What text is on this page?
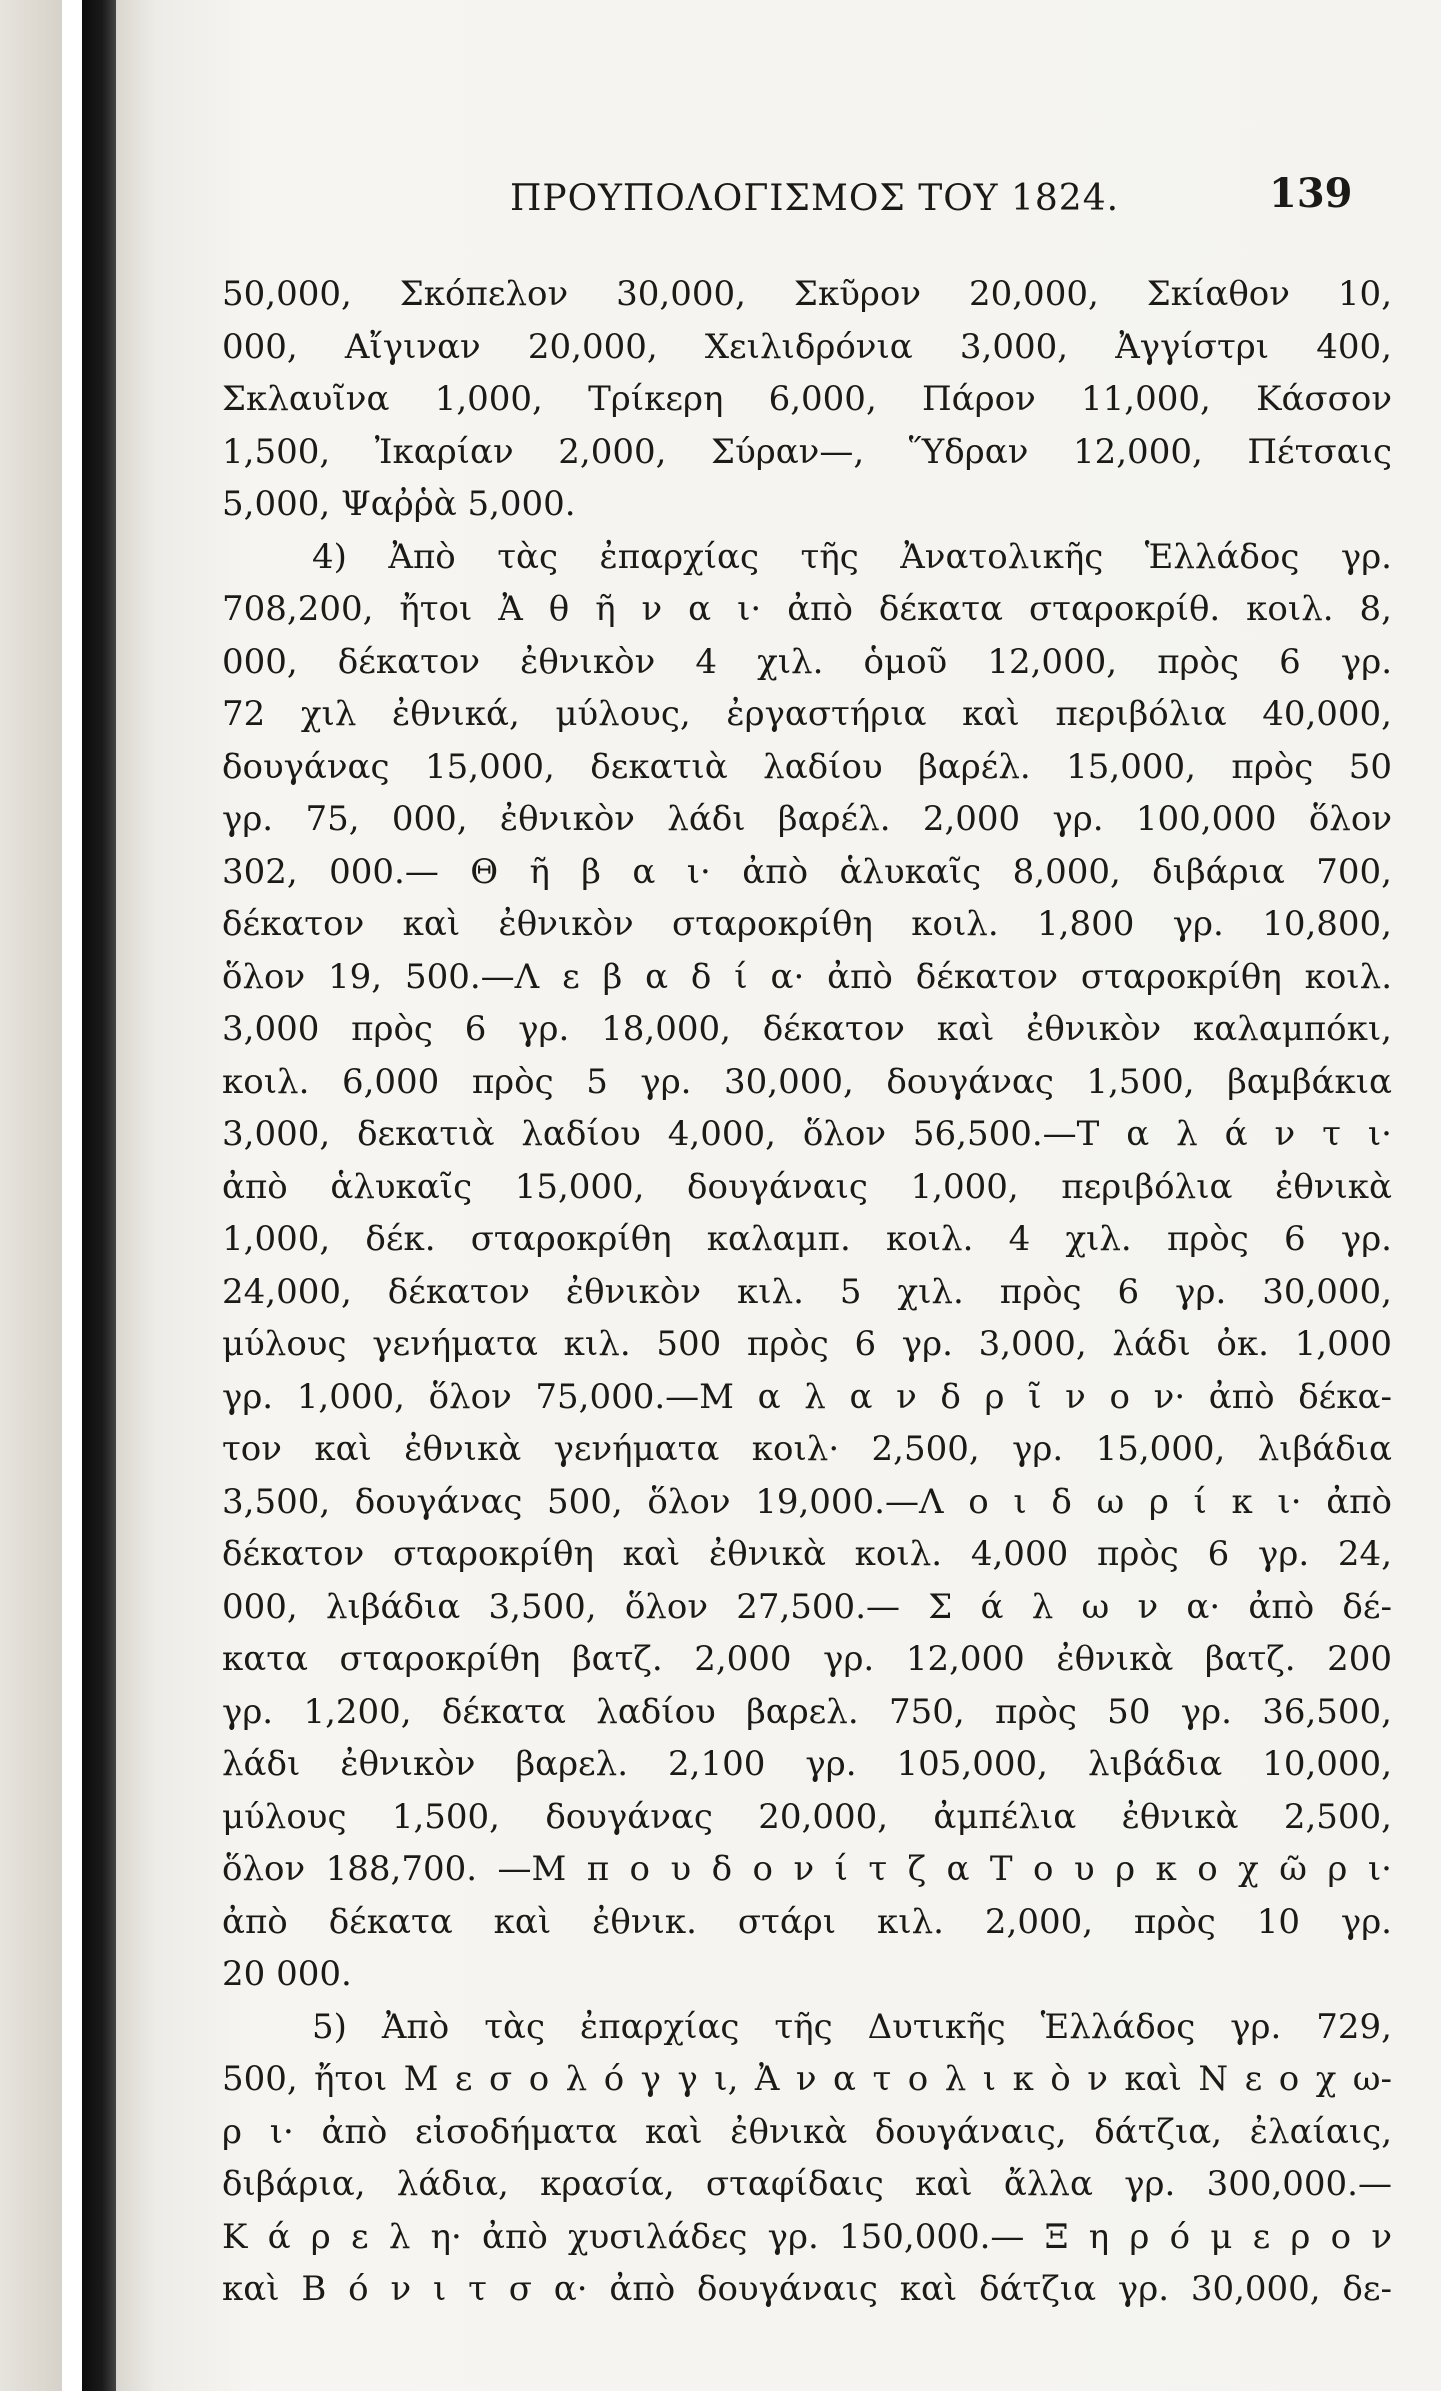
ΠΡΟΥΠΟΛΟΓΙΣΜΟΣ ΤΟΥ 1824.	139
50,000, Σκόπελον 30,000, Σκῦρον 20,000, Σκίαθον 10,
000, Αἴγιναν 20,000, Χειλιδρόνια 3,000, Ἀγγίστρι 400,
Σκλαυῖνα 1,000, Τρίκερη 6,000, Πάρον 11,000, Κάσσον
1,500, Ἰκαρίαν 2,000, Σύραν—, Ὕδραν 12,000, Πέτσαις
5,000, Ψαῤῥὰ 5,000.
4) Ἀπὸ τὰς ἐπαρχίας τῆς Ἀνατολικῆς Ἑλλάδος γρ.
708,200, ἤτοι Ἀ θ ῆ ν α ι· ἀπὸ δέκατα σταροκρίθ. κοιλ. 8,
000, δέκατον ἐθνικὸν 4 χιλ. ὁμοῦ 12,000, πρὸς 6 γρ.
72 χιλ ἐθνικά, μύλους, ἐργαστήρια καὶ περιβόλια 40,000,
δουγάνας 15,000, δεκατιὰ λαδίου βαρέλ. 15,000, πρὸς 50
γρ. 75, 000, ἐθνικὸν λάδι βαρέλ. 2,000 γρ. 100,000 ὅλον
302, 000.— Θ ῆ β α ι· ἀπὸ ἁλυκαῖς 8,000, διβάρια 700,
δέκατον καὶ ἐθνικὸν σταροκρίθη κοιλ. 1,800 γρ. 10,800,
ὅλον 19, 500.—Λ ε β α δ ί α· ἀπὸ δέκατον σταροκρίθη κοιλ.
3,000 πρὸς 6 γρ. 18,000, δέκατον καὶ ἐθνικὸν καλαμπόκι,
κοιλ. 6,000 πρὸς 5 γρ. 30,000, δουγάνας 1,500, βαμβάκια
3,000, δεκατιὰ λαδίου 4,000, ὅλον 56,500.—Τ α λ ά ν τ ι·
ἀπὸ ἁλυκαῖς 15,000, δουγάναις 1,000, περιβόλια ἐθνικὰ
1,000, δέκ. σταροκρίθη καλαμπ. κοιλ. 4 χιλ. πρὸς 6 γρ.
24,000, δέκατον ἐθνικὸν κιλ. 5 χιλ. πρὸς 6 γρ. 30,000,
μύλους γενήματα κιλ. 500 πρὸς 6 γρ. 3,000, λάδι ὀκ. 1,000
γρ. 1,000, ὅλον 75,000.—Μ α λ α ν δ ρ ῖ ν ο ν· ἀπὸ δέκα-
τον καὶ ἐθνικὰ γενήματα κοιλ· 2,500, γρ. 15,000, λιβάδια
3,500, δουγάνας 500, ὅλον 19,000.—Λ ο ι δ ω ρ ί κ ι· ἀπὸ
δέκατον σταροκρίθη καὶ ἐθνικὰ κοιλ. 4,000 πρὸς 6 γρ. 24,
000, λιβάδια 3,500, ὅλον 27,500.— Σ ά λ ω ν α· ἀπὸ δέ-
κατα σταροκρίθη βατζ. 2,000 γρ. 12,000 ἐθνικὰ βατζ. 200
γρ. 1,200, δέκατα λαδίου βαρελ. 750, πρὸς 50 γρ. 36,500,
λάδι ἐθνικὸν βαρελ. 2,100 γρ. 105,000, λιβάδια 10,000,
μύλους 1,500, δουγάνας 20,000, ἀμπέλια ἐθνικὰ 2,500,
ὅλον 188,700. —Μ π ο υ δ ο ν ί τ ζ α Τ ο υ ρ κ ο χ ῶ ρ ι·
ἀπὸ δέκατα καὶ ἐθνικ. στάρι κιλ. 2,000, πρὸς 10 γρ.
20 000.
5) Ἀπὸ τὰς ἐπαρχίας τῆς Δυτικῆς Ἑλλάδος γρ. 729,
500, ἤτοι Μ ε σ ο λ ό γ γ ι, Ἀ ν α τ ο λ ι κ ὸ ν καὶ Ν ε ο χ ω-
ρ ι· ἀπὸ εἰσοδήματα καὶ ἐθνικὰ δουγάναις, δάτζια, ἐλαίαις,
διβάρια, λάδια, κρασία, σταφίδαις καὶ ἄλλα γρ. 300,000.—
Κ ά ρ ε λ η· ἀπὸ χυσιλάδες γρ. 150,000.— Ξ η ρ ό μ ε ρ ο ν
καὶ Β ό ν ι τ σ α· ἀπὸ δουγάναις καὶ δάτζια γρ. 30,000, δε-
